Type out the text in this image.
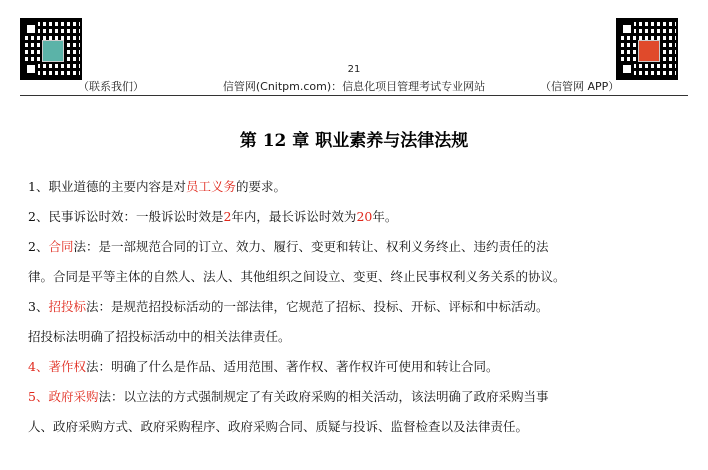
21
（联系我们）	信管网(Cnitpm.com)：信息化项目管理考试专业网站	（信管网 APP）
第 12 章 职业素养与法律法规
1、职业道德的主要内容是对员工义务的要求。
2、民事诉讼时效：一般诉讼时效是2年内，最长诉讼时效为20年。
2、合同法：是一部规范合同的订立、效力、履行、变更和转让、权利义务终止、违约责任的法
律。合同是平等主体的自然人、法人、其他组织之间设立、变更、终止民事权利义务关系的协议。
3、招投标法：是规范招投标活动的一部法律，它规范了招标、投标、开标、评标和中标活动。
招投标法明确了招投标活动中的相关法律责任。
4、著作权法：明确了什么是作品、适用范围、著作权、著作权许可使用和转让合同。
5、政府采购法：以立法的方式强制规定了有关政府采购的相关活动，该法明确了政府采购当事
人、政府采购方式、政府采购程序、政府采购合同、质疑与投诉、监督检查以及法律责任。
